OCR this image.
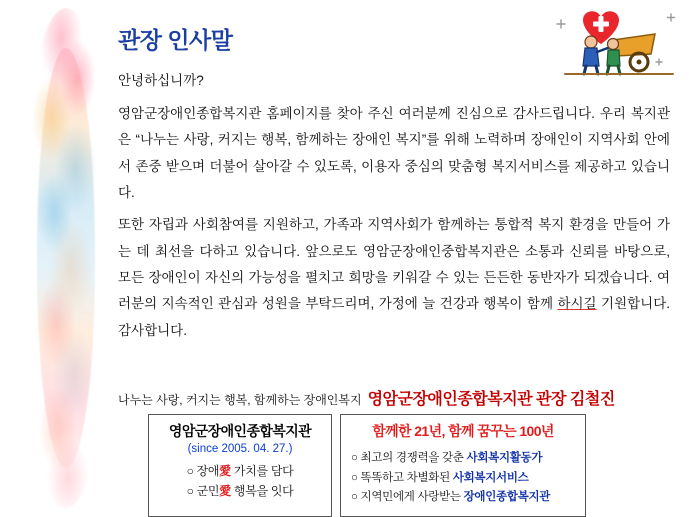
관장 인사말

안녕하십니까?

영암군장애인종합복지관 홈페이지를 찾아 주신 여러분께 진심으로 감사드립니다. 우리 복지관은 “나누는 사랑, 커지는 행복, 함께하는 장애인 복지”를 위해 노력하며 장애인이 지역사회 안에서 존중 받으며 더불어 살아갈 수 있도록, 이용자 중심의 맞춤형 복지서비스를 제공하고 있습니다.

또한 자립과 사회참여를 지원하고, 가족과 지역사회가 함께하는 통합적 복지 환경을 만들어 가는 데 최선을 다하고 있습니다. 앞으로도 영암군장애인중합복지관은 소통과 신뢰를 바탕으로, 모든 장애인이 자신의 가능성을 펼치고 희망을 키워갈 수 있는 든든한 동반자가 되겠습니다. 여러분의 지속적인 관심과 성원을 부탁드리며, 가정에 늘 건강과 행복이 함께 하시길 기원합니다. 감사합니다.

나누는 사랑, 커지는 행복, 함께하는 장애인복지 영암군장애인종합복지관 관장 김철진
영암군장애인종합복지관
(since 2005. 04. 27.)
○ 장애愛 가치를 담다
○ 군민愛 행복을 잇다
함께한 21년, 함께 꿈꾸는 100년
○ 최고의 경쟁력을 갖춘 사회복지활동가
○ 똑똑하고 차별화된 사회복지서비스
○ 지역민에게 사랑받는 장애인종합복지관
